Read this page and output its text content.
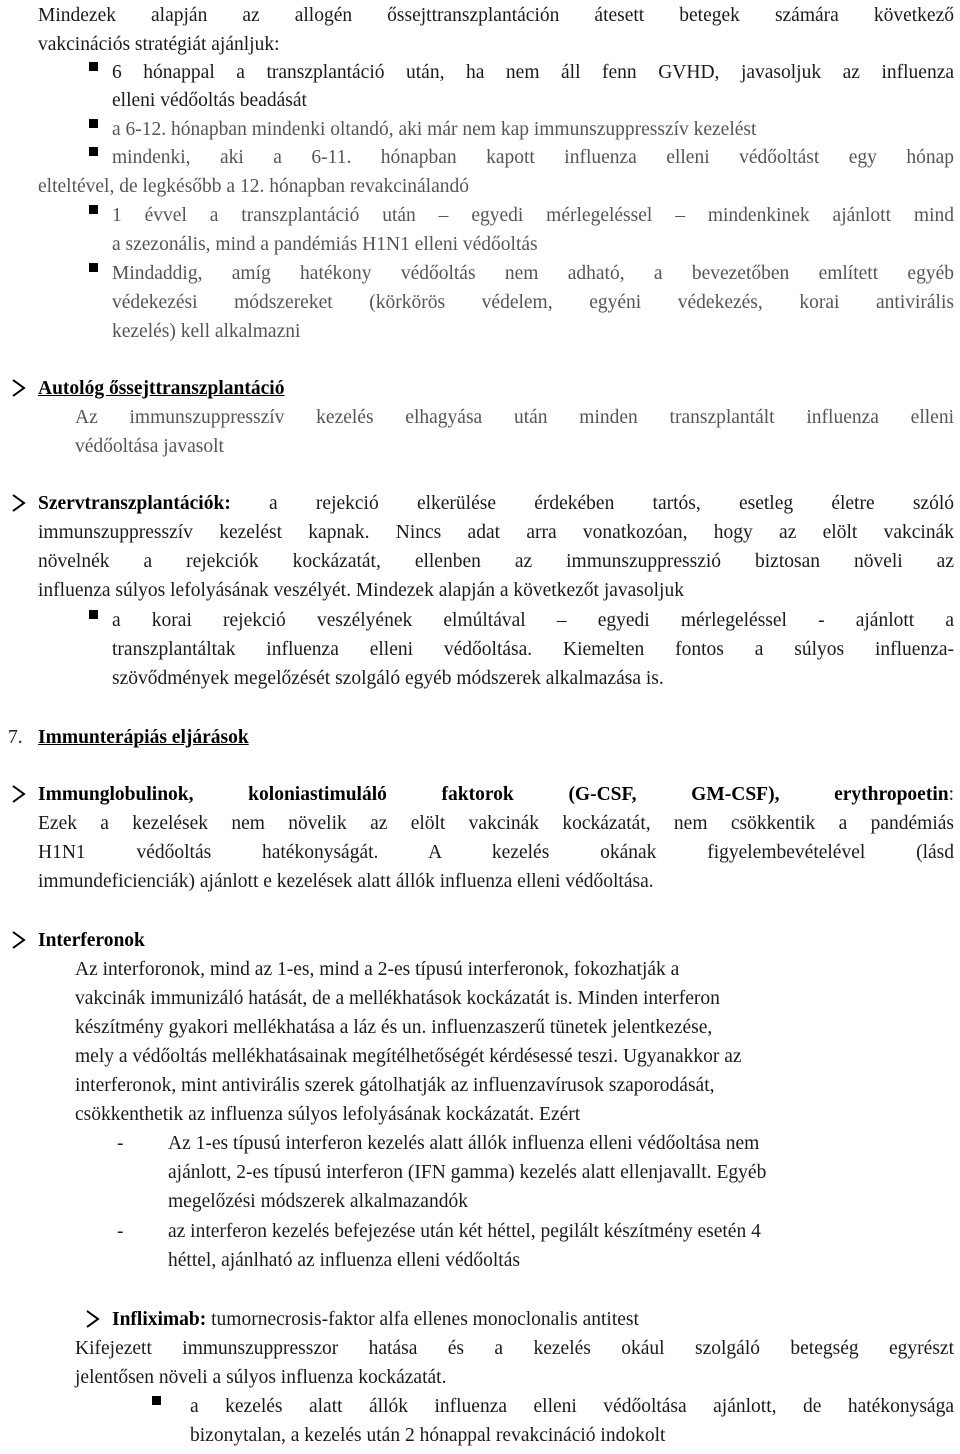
Mindezek alapján az allogén őssejttranszplantáción átesett betegek számára következő
vakcinációs stratégiát ajánljuk:
6 hónappal a transzplantáció után, ha nem áll fenn GVHD, javasoljuk az influenza
elleni védőoltás beadását
a 6-12. hónapban mindenki oltandó, aki már nem kap immunszuppresszív kezelést
mindenki, aki a 6-11. hónapban kapott influenza elleni védőoltást egy hónap
elteltével, de legkésőbb a 12. hónapban revakcinálandó
1 évvel a transzplantáció után – egyedi mérlegeléssel – mindenkinek ajánlott mind
a szezonális, mind a pandémiás H1N1 elleni védőoltás
Mindaddig, amíg hatékony védőoltás nem adható, a bevezetőben említett egyéb
védekezési módszereket (körkörös védelem, egyéni védekezés, korai antivirális
kezelés) kell alkalmazni
Autológ őssejttranszplantáció
Az immunszuppresszív kezelés elhagyása után minden transzplantált influenza elleni
védőoltása javasolt
Szervtranszplantációk: a rejekció elkerülése érdekében tartós, esetleg életre szóló
immunszuppresszív kezelést kapnak. Nincs adat arra vonatkozóan, hogy az elölt vakcinák
növelnék a rejekciók kockázatát, ellenben az immunszuppresszió biztosan növeli az
influenza súlyos lefolyásának veszélyét. Mindezek alapján a következőt javasoljuk
a korai rejekció veszélyének elmúltával – egyedi mérlegeléssel - ajánlott a
transzplantáltak influenza elleni védőoltása. Kiemelten fontos a súlyos influenza-
szövődmények megelőzését szolgáló egyéb módszerek alkalmazása is.
7. Immunterápiás eljárások
Immunglobulinok, koloniastimuláló faktorok (G-CSF, GM-CSF), erythropoetin:
Ezek a kezelések nem növelik az elölt vakcinák kockázatát, nem csökkentik a pandémiás
H1N1 védőoltás hatékonyságát. A kezelés okának figyelembevételével (lásd
immundeficienciák) ajánlott e kezelések alatt állók influenza elleni védőoltása.
Interferonok
Az interforonok, mind az 1-es, mind a 2-es típusú interferonok, fokozhatják a
vakcinák immunizáló hatását, de a mellékhatások kockázatát is. Minden interferon
készítmény gyakori mellékhatása a láz és un. influenzaszerű tünetek jelentkezése,
mely a védőoltás mellékhatásainak megítélhetőségét kérdésessé teszi. Ugyanakkor az
interferonok, mint antivirális szerek gátolhatják az influenzavírusok szaporodását,
csökkenthetik az influenza súlyos lefolyásának kockázatát. Ezért
- Az 1-es típusú interferon kezelés alatt állók influenza elleni védőoltása nem
ajánlott, 2-es típusú interferon (IFN gamma) kezelés alatt ellenjavallt. Egyéb
megelőzési módszerek alkalmazandók
- az interferon kezelés befejezése után két héttel, pegilált készítmény esetén 4
héttel, ajánlható az influenza elleni védőoltás
Infliximab: tumornecrosis-faktor alfa ellenes monoclonalis antitest
Kifejezett immunszuppresszor hatása és a kezelés okául szolgáló betegség egyrészt
jelentősen növeli a súlyos influenza kockázatát.
a kezelés alatt állók influenza elleni védőoltása ajánlott, de hatékonysága
bizonytalan, a kezelés után 2 hónappal revakcináció indokolt
